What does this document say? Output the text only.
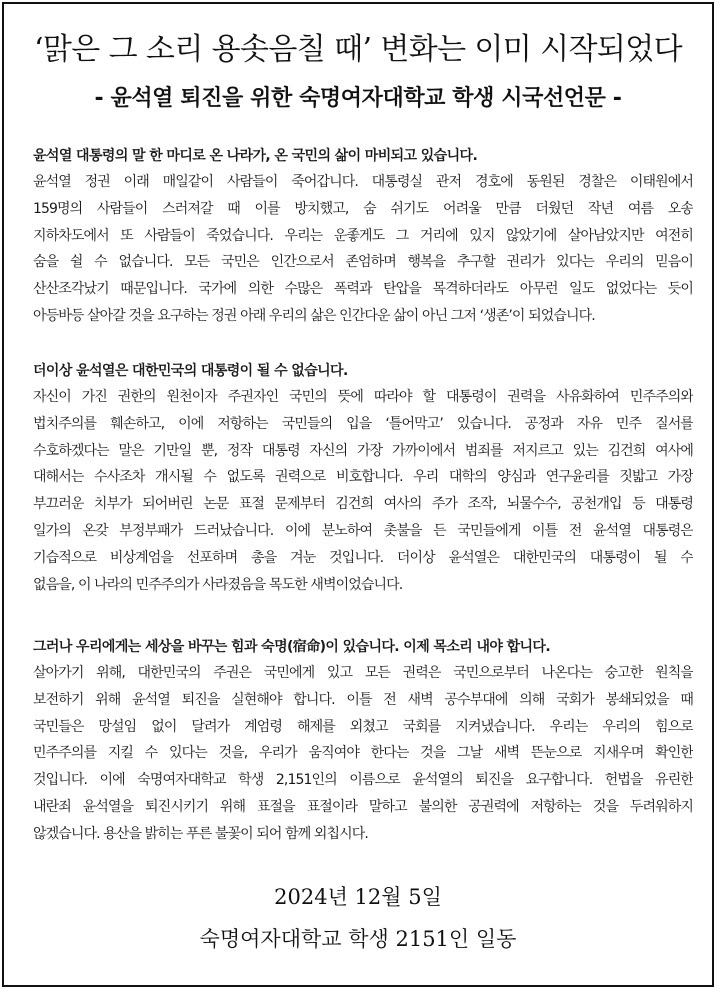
‘맑은 그 소리 용솟음칠 때’ 변화는 이미 시작되었다
- 윤석열 퇴진을 위한 숙명여자대학교 학생 시국선언문 -
윤석열 대통령의 말 한 마디로 온 나라가, 온 국민의 삶이 마비되고 있습니다.
윤석열 정권 이래 매일같이 사람들이 죽어갑니다. 대통령실 관저 경호에 동원된 경찰은 이태원에서
159명의 사람들이 스러져갈 때 이를 방치했고, 숨 쉬기도 어려울 만큼 더웠던 작년 여름 오송
지하차도에서 또 사람들이 죽었습니다. 우리는 운좋게도 그 거리에 있지 않았기에 살아남았지만 여전히
숨을 쉴 수 없습니다. 모든 국민은 인간으로서 존엄하며 행복을 추구할 권리가 있다는 우리의 믿음이
산산조각났기 때문입니다. 국가에 의한 수많은 폭력과 탄압을 목격하더라도 아무런 일도 없었다는 듯이
아등바등 살아갈 것을 요구하는 정권 아래 우리의 삶은 인간다운 삶이 아닌 그저 ‘생존’이 되었습니다.
더이상 윤석열은 대한민국의 대통령이 될 수 없습니다.
자신이 가진 권한의 원천이자 주권자인 국민의 뜻에 따라야 할 대통령이 권력을 사유화하여 민주주의와
법치주의를 훼손하고, 이에 저항하는 국민들의 입을 ‘틀어막고’ 있습니다. 공정과 자유 민주 질서를
수호하겠다는 말은 기만일 뿐, 정작 대통령 자신의 가장 가까이에서 범죄를 저지르고 있는 김건희 여사에
대해서는 수사조차 개시될 수 없도록 권력으로 비호합니다. 우리 대학의 양심과 연구윤리를 짓밟고 가장
부끄러운 치부가 되어버린 논문 표절 문제부터 김건희 여사의 주가 조작, 뇌물수수, 공천개입 등 대통령
일가의 온갖 부정부패가 드러났습니다. 이에 분노하여 촛불을 든 국민들에게 이틀 전 윤석열 대통령은
기습적으로 비상계엄을 선포하며 총을 겨눈 것입니다. 더이상 윤석열은 대한민국의 대통령이 될 수
없음을, 이 나라의 민주주의가 사라졌음을 목도한 새벽이었습니다.
그러나 우리에게는 세상을 바꾸는 힘과 숙명(宿命)이 있습니다. 이제 목소리 내야 합니다.
살아가기 위해, 대한민국의 주권은 국민에게 있고 모든 권력은 국민으로부터 나온다는 숭고한 원칙을
보전하기 위해 윤석열 퇴진을 실현해야 합니다. 이틀 전 새벽 공수부대에 의해 국회가 봉쇄되었을 때
국민들은 망설임 없이 달려가 계엄령 해제를 외쳤고 국회를 지켜냈습니다. 우리는 우리의 힘으로
민주주의를 지킬 수 있다는 것을, 우리가 움직여야 한다는 것을 그날 새벽 뜬눈으로 지새우며 확인한
것입니다. 이에 숙명여자대학교 학생 2,151인의 이름으로 윤석열의 퇴진을 요구합니다. 헌법을 유린한
내란죄 윤석열을 퇴진시키기 위해 표절을 표절이라 말하고 불의한 공권력에 저항하는 것을 두려워하지
않겠습니다. 용산을 밝히는 푸른 불꽃이 되어 함께 외칩시다.
2024년 12월 5일
숙명여자대학교 학생 2151인 일동
